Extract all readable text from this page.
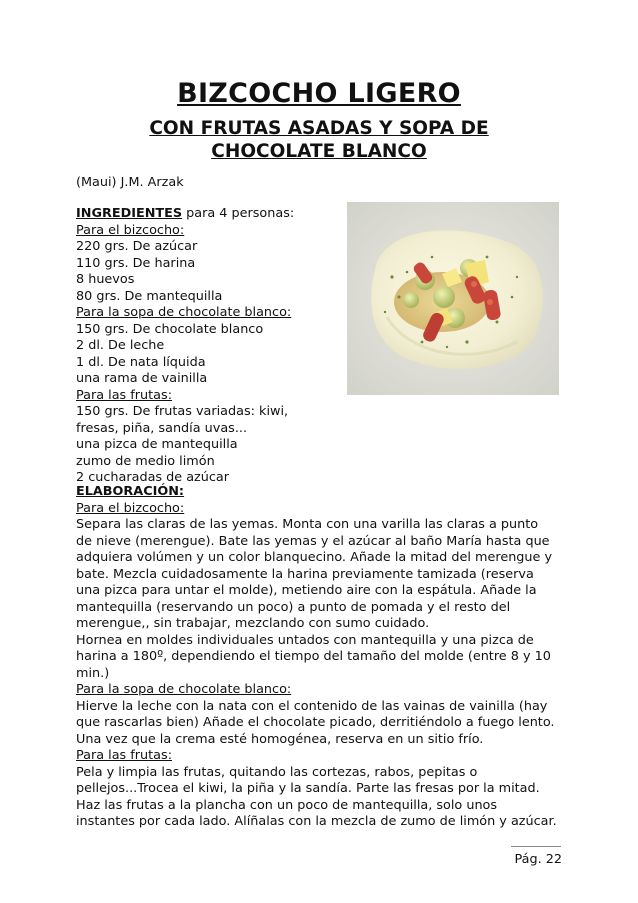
BIZCOCHO LIGERO
CON FRUTAS ASADAS Y SOPA DE
CHOCOLATE BLANCO
(Maui) J.M. Arzak
INGREDIENTES para 4 personas:
Para el bizcocho:
220 grs. De azúcar
110 grs. De harina
8 huevos
80 grs. De mantequilla
Para la sopa de chocolate blanco:
150 grs. De chocolate blanco
2 dl. De leche
1 dl. De nata líquida
una rama de vainilla
Para las frutas:
150 grs. De frutas variadas: kiwi,
fresas, piña, sandía uvas...
una pizca de mantequilla
zumo de medio limón
2 cucharadas de azúcar
ELABORACIÓN:
Para el bizcocho:
Separa las claras de las yemas. Monta con una varilla las claras a punto
de nieve (merengue). Bate las yemas y el azúcar al baño María hasta que
adquiera volúmen y un color blanquecino. Añade la mitad del merengue y
bate. Mezcla cuidadosamente la harina previamente tamizada (reserva
una pizca para untar el molde), metiendo aire con la espátula. Añade la
mantequilla (reservando un poco) a punto de pomada y el resto del
merengue,, sin trabajar, mezclando con sumo cuidado.
Hornea en moldes individuales untados con mantequilla y una pizca de
harina a 180º, dependiendo el tiempo del tamaño del molde (entre 8 y 10
min.)
Para la sopa de chocolate blanco:
Hierve la leche con la nata con el contenido de las vainas de vainilla (hay
que rascarlas bien) Añade el chocolate picado, derritiéndolo a fuego lento.
Una vez que la crema esté homogénea, reserva en un sitio frío.
Para las frutas:
Pela y limpia las frutas, quitando las cortezas, rabos, pepitas o
pellejos...Trocea el kiwi, la piña y la sandía. Parte las fresas por la mitad.
Haz las frutas a la plancha con un poco de mantequilla, solo unos
instantes por cada lado. Alíñalas con la mezcla de zumo de limón y azúcar.
Pág. 22
